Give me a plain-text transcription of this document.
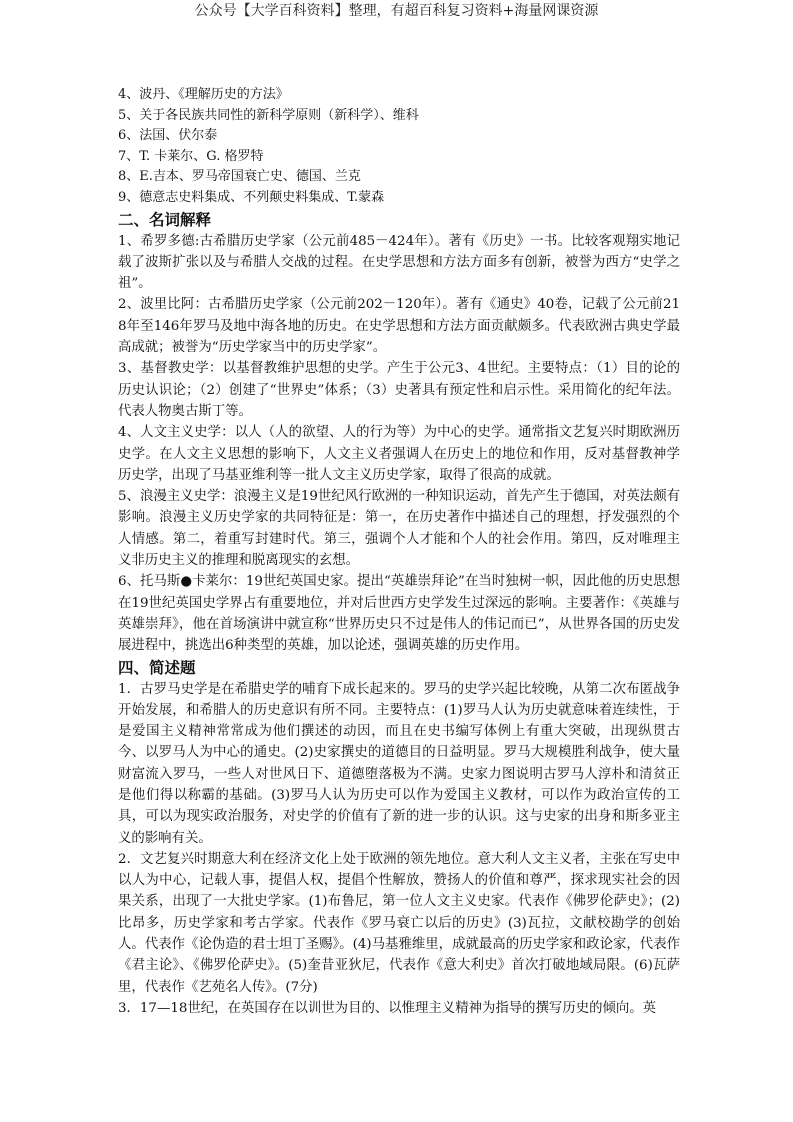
公众号【大学百科资料】整理，有超百科复习资料+海量网课资源
4、波丹、《理解历史的方法》
5、关于各民族共同性的新科学原则（新科学）、维科
6、法国、伏尔泰
7、T. 卡莱尔、G. 格罗特
8、E.吉本、罗马帝国衰亡史、德国、兰克
9、德意志史料集成、不列颠史料集成、T.蒙森
二、名词解释

1、希罗多德:古希腊历史学家（公元前485－424年）。著有《历史》一书。比较客观翔实地记载了波斯扩张以及与希腊人交战的过程。在史学思想和方法方面多有创新，被誉为西方“史学之祖”。

2、波里比阿：古希腊历史学家（公元前202－120年）。著有《通史》40卷，记载了公元前218年至146年罗马及地中海各地的历史。在史学思想和方法方面贡献颇多。代表欧洲古典史学最高成就；被誉为“历史学家当中的历史学家”。

3、基督教史学：以基督教维护思想的史学。产生于公元3、4世纪。主要特点：（1）目的论的历史认识论；（2）创建了“世界史”体系；（3）史著具有预定性和启示性。采用简化的纪年法。代表人物奥古斯丁等。

4、人文主义史学：以人（人的欲望、人的行为等）为中心的史学。通常指文艺复兴时期欧洲历史学。在人文主义思想的影响下，人文主义者强调人在历史上的地位和作用，反对基督教神学历史学，出现了马基亚维利等一批人文主义历史学家，取得了很高的成就。

5、浪漫主义史学：浪漫主义是19世纪风行欧洲的一种知识运动，首先产生于德国，对英法颇有影响。浪漫主义历史学家的共同特征是：第一，在历史著作中描述自己的理想，抒发强烈的个人情感。第二，着重写封建时代。第三，强调个人才能和个人的社会作用。第四，反对唯理主义非历史主义的推理和脱离现实的玄想。

6、托马斯●卡莱尔：19世纪英国史家。提出“英雄崇拜论”在当时独树一帜，因此他的历史思想在19世纪英国史学界占有重要地位，并对后世西方史学发生过深远的影响。主要著作：《英雄与英雄崇拜》，他在首场演讲中就宣称“世界历史只不过是伟人的伟记而已”，从世界各国的历史发展进程中，挑选出6种类型的英雄，加以论述，强调英雄的历史作用。

四、简述题

1．古罗马史学是在希腊史学的哺育下成长起来的。罗马的史学兴起比较晚，从第二次布匿战争开始发展，和希腊人的历史意识有所不同。主要特点：(1)罗马人认为历史就意味着连续性，于是爱国主义精神常常成为他们撰述的动因，而且在史书编写体例上有重大突破，出现纵贯古今、以罗马人为中心的通史。(2)史家撰史的道德目的日益明显。罗马大规模胜利战争，使大量财富流入罗马，一些人对世风日下、道德堕落极为不满。史家力图说明古罗马人淳朴和清贫正是他们得以称霸的基础。(3)罗马人认为历史可以作为爱国主义教材，可以作为政治宣传的工具，可以为现实政治服务，对史学的价值有了新的进一步的认识。这与史家的出身和斯多亚主义的影响有关。

2．文艺复兴时期意大利在经济文化上处于欧洲的领先地位。意大利人文主义者，主张在写史中以人为中心，记载人事，提倡人权，提倡个性解放，赞扬人的价值和尊严，探求现实社会的因果关系，出现了一大批史学家。(1)布鲁尼，第一位人文主义史家。代表作《佛罗伦萨史》；(2)比昂多，历史学家和考古学家。代表作《罗马衰亡以后的历史》(3)瓦拉，文献校勘学的创始人。代表作《论伪造的君士坦丁圣赐》。(4)马基雅维里，成就最高的历史学家和政论家，代表作《君主论》、《佛罗伦萨史》。(5)奎昔亚狄尼，代表作《意大利史》首次打破地域局限。(6)瓦萨里，代表作《艺苑名人传》。(7分)

3．17—18世纪，在英国存在以训世为目的、以惟理主义精神为指导的撰写历史的倾向。英
